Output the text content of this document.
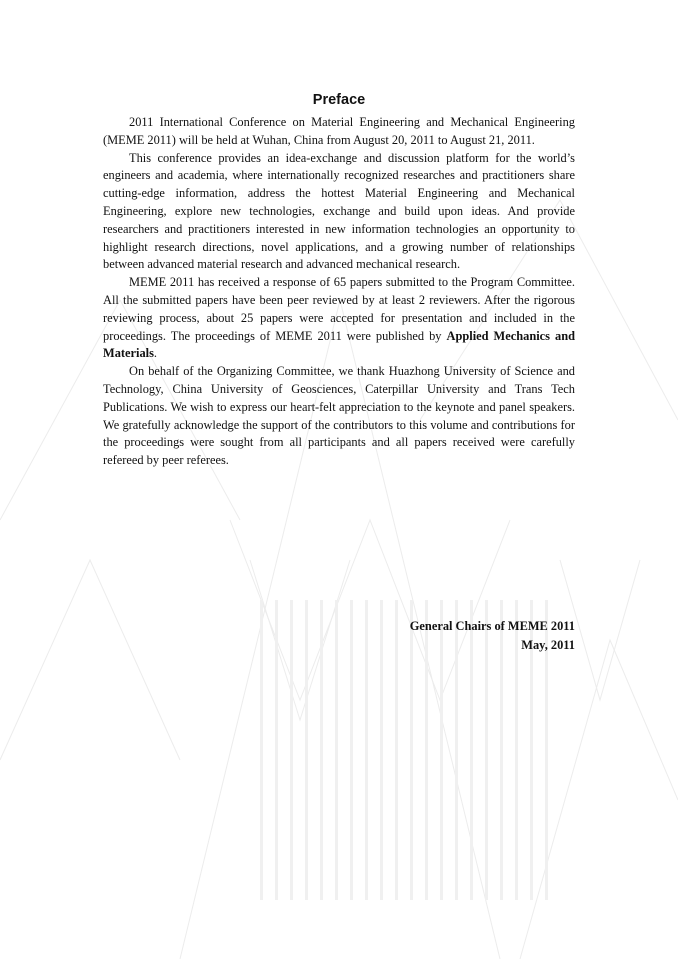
Preface

2011 International Conference on Material Engineering and Mechanical Engineering (MEME 2011) will be held at Wuhan, China from August 20, 2011 to August 21, 2011.

This conference provides an idea-exchange and discussion platform for the world’s engineers and academia, where internationally recognized researches and practitioners share cutting-edge information, address the hottest Material Engineering and Mechanical Engineering, explore new technologies, exchange and build upon ideas. And provide researchers and practitioners interested in new information technologies an opportunity to highlight research directions, novel applications, and a growing number of relationships between advanced material research and advanced mechanical research.

MEME 2011 has received a response of 65 papers submitted to the Program Committee. All the submitted papers have been peer reviewed by at least 2 reviewers. After the rigorous reviewing process, about 25 papers were accepted for presentation and included in the proceedings. The proceedings of MEME 2011 were published by Applied Mechanics and Materials.

On behalf of the Organizing Committee, we thank Huazhong University of Science and Technology, China University of Geosciences, Caterpillar University and Trans Tech Publications. We wish to express our heart-felt appreciation to the keynote and panel speakers. We gratefully acknowledge the support of the contributors to this volume and contributions for the proceedings were sought from all participants and all papers received were carefully refereed by peer referees.

General Chairs of MEME 2011
May, 2011
